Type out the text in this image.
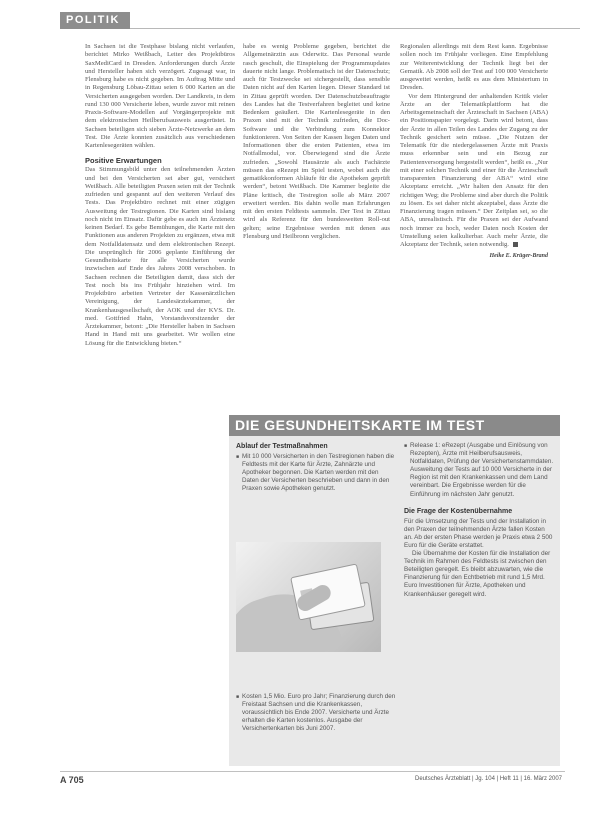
POLITIK

In Sachsen ist die Testphase bislang nicht verlaufen, berichtet Mirko Weißbach, Leiter des Projektbüros SaxMediCard in Dresden. Anforderungen durch Ärzte und Hersteller haben sich verzögert. Zugesagt war, in Flensburg habe es nicht gegeben. Im Auftrag Mitte und in Regensburg Löbau-Zittau seien 6 000 Karten an die Versicherten ausgegeben worden. Der Landkreis, in dem rund 130 000 Versicherte leben, wurde zuvor mit reinen Praxis-Software-Modellen auf Vorgängerprojekte mit dem elektronischen Heilberufsausweis ausgerüstet. In Sachsen beteiligen sich sieben Ärzte-Netzwerke an dem Test. Die Ärzte konnten zusätzlich aus verschiedenen Kartenlesegeräten wählen.

Positive Erwartungen

Das Stimmungsbild unter den teilnehmenden Ärzten und bei den Versicherten sei aber gut, versichert Weißbach. Alle beteiligten Praxen seien mit der Technik zufrieden und gespannt auf den weiteren Verlauf des Tests. Das Projektbüro rechnet mit einer zügigen Ausweitung der Testregionen. Die Karten sind bislang noch nicht im Einsatz. Dafür gebe es auch im Ärztenetz keinen Bedarf. Es gebe Bemühungen, die Karte mit den Funktionen aus anderen Projekten zu ergänzen, etwa mit dem Notfalldatensatz und dem elektronischen Rezept. Die ursprünglich für 2006 geplante Einführung der Gesundheitskarte für alle Versicherten wurde inzwischen auf Ende des Jahres 2008 verschoben. In Sachsen rechnen die Beteiligten damit, dass sich der Test noch bis ins Frühjahr hinziehen wird. Im Projektbüro arbeiten Vertreter der Kassenärztlichen Vereinigung, der Landesärztekammer, der Krankenhausgesellschaft, der AOK und der KVS. Dr. med. Gottfried Hahn, Vorstandsvorsitzender der Ärztekammer, betont: „Die Hersteller haben in Sachsen Hand in Hand mit uns gearbeitet. Wir wollen eine Lösung für die Entwicklung bieten.“

habe es wenig Probleme gegeben, berichtet die Allgemeinärztin aus Oderwitz. Das Personal wurde rasch geschult, die Einspielung der Programmupdates dauerte nicht lange. Problematisch ist der Datenschutz; auch für Testzwecke sei sichergestellt, dass sensible Daten nicht auf den Karten liegen. Dieser Standard ist in Zittau geprüft worden. Der Datenschutzbeauftragte des Landes hat die Testverfahren begleitet und keine Bedenken geäußert. Die Kartenlesegeräte in den Praxen sind mit der Technik zufrieden, die Doc-Software und die Verbindung zum Konnektor funktionieren. Von Seiten der Kassen liegen Daten und Informationen über die ersten Patienten, etwa im Notfallmodul, vor. Überwiegend sind die Ärzte zufrieden. „Sowohl Hausärzte als auch Fachärzte müssen das eRezept im Spiel testen, wobei auch die gematikkonformen Abläufe für die Apotheken geprüft werden“, betont Weißbach. Die Kammer begleite die Pläne kritisch, die Testregion solle ab März 2007 erweitert werden. Bis dahin wolle man Erfahrungen mit den ersten Feldtests sammeln. Der Test in Zittau wird als Referenz für den bundesweiten Roll-out gelten; seine Ergebnisse werden mit denen aus Flensburg und Heilbronn verglichen.

Regionalen allerdings mit dem Rest kann. Ergebnisse sollen noch im Frühjahr vorliegen. Eine Empfehlung zur Weiterentwicklung der Technik liegt bei der Gematik. Ab 2008 soll der Test auf 100 000 Versicherte ausgeweitet werden, heißt es aus dem Ministerium in Dresden.

Vor dem Hintergrund der anhaltenden Kritik vieler Ärzte an der Telematikplattform hat die Arbeitsgemeinschaft der Ärzteschaft in Sachsen (ABA) ein Positionspapier vorgelegt. Darin wird betont, dass der Ärzte in allen Teilen des Landes der Zugang zu der Technik gesichert sein müsse. „Die Nutzen der Telematik für die niedergelassenen Ärzte mit Praxis muss erkennbar sein und ein Bezug zur Patientenversorgung hergestellt werden“, heißt es. „Nur mit einer solchen Technik und einer für die Ärzteschaft transparenten Finanzierung der ABA“ wird eine Akzeptanz erreicht. „Wir halten den Ansatz für den richtigen Weg; die Probleme sind aber durch die Politik zu lösen. Es sei daher nicht akzeptabel, dass Ärzte die Finanzierung tragen müssen.“ Der Zeitplan sei, so die ABA, unrealistisch. Für die Praxen sei der Aufwand noch immer zu hoch, weder Daten noch Kosten der Umstellung seien kalkulierbar. Auch mehr Ärzte, die Akzeptanz der Technik, seien notwendig.

Heike E. Krüger-Brand
DIE GESUNDHEITSKARTE IM TEST
Ablauf der Testmaßnahmen

■ Mit 10 000 Versicherten in den Testregionen haben die Feldtests mit der Karte für Ärzte, Zahnärzte und Apotheker begonnen. Die Karten werden mit den Daten der Versicherten beschrieben und dann in den Praxen sowie Apotheken genutzt.

■ Kosten 1,5 Mio. Euro pro Jahr; Finanzierung durch den Freistaat Sachsen und die Krankenkassen, voraussichtlich bis Ende 2007. Versicherte und Ärzte erhalten die Karten kostenlos. Ausgabe der Versichertenkarten bis Juni 2007.

■ Release 1: eRezept (Ausgabe und Einlösung von Rezepten), Ärzte mit Heilberufsausweis, Notfalldaten, Prüfung der Versichertenstammdaten. Ausweitung der Tests auf 10 000 Versicherte in der Region ist mit den Krankenkassen und dem Land vereinbart. Die Ergebnisse werden für die Einführung im nächsten Jahr genutzt.

Die Frage der Kostenübernahme

Für die Umsetzung der Tests und der Installation in den Praxen der teilnehmenden Ärzte fallen Kosten an. Ab der ersten Phase werden je Praxis etwa 2 500 Euro für die Geräte erstattet.

Die Übernahme der Kosten für die Installation der Technik im Rahmen des Feldtests ist zwischen den Beteiligten geregelt. Es bleibt abzuwarten, wie die Finanzierung für den Echtbetrieb mit rund 1,5 Mrd. Euro Investitionen für Ärzte, Apotheken und Krankenhäuser geregelt wird.

A 705	Deutsches Ärzteblatt | Jg. 104 | Heft 11 | 16. März 2007
